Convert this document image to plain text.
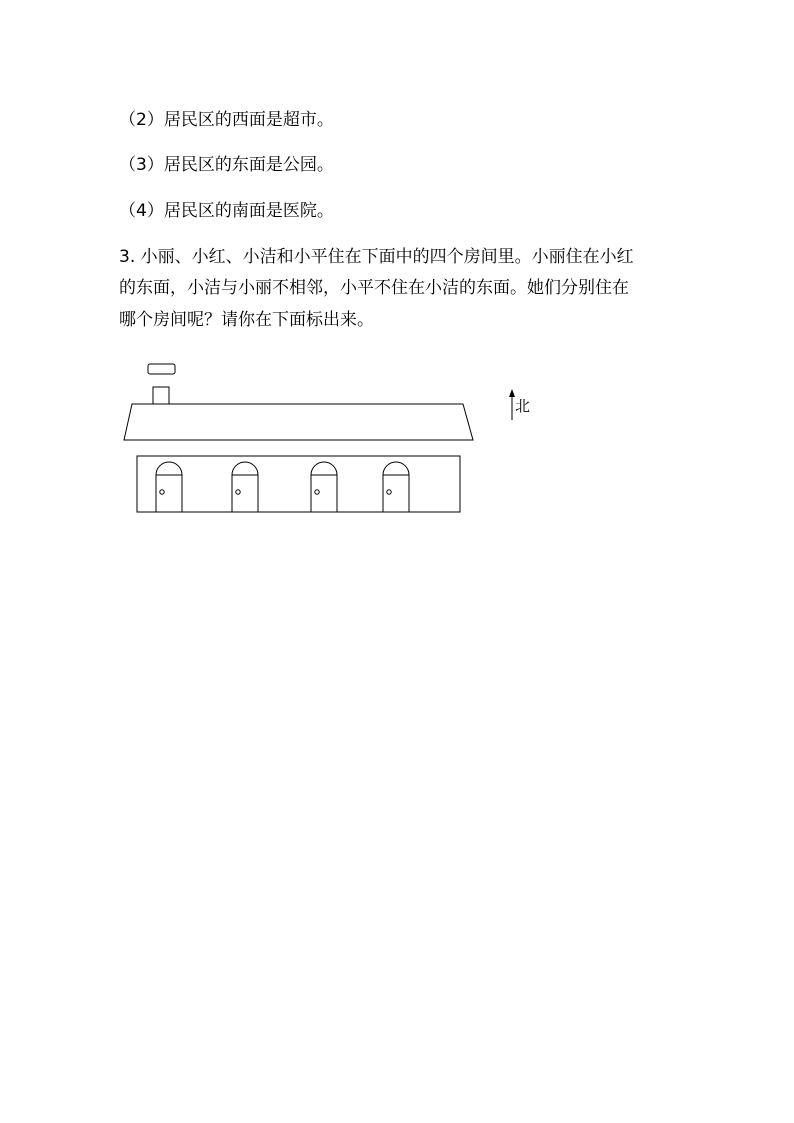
（2）居民区的西面是超市。
（3）居民区的东面是公园。
（4）居民区的南面是医院。
3. 小丽、小红、小洁和小平住在下面中的四个房间里。小丽住在小红
的东面，小洁与小丽不相邻，小平不住在小洁的东面。她们分别住在
哪个房间呢？请你在下面标出来。
北
